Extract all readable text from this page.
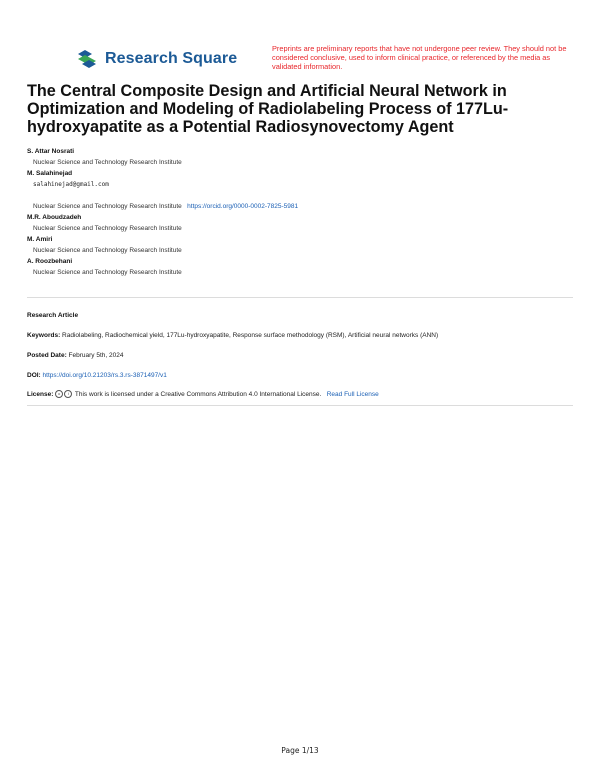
Research Square
Preprints are preliminary reports that have not undergone peer review. They should not be considered conclusive, used to inform clinical practice, or referenced by the media as validated information.
The Central Composite Design and Artificial Neural Network in Optimization and Modeling of Radiolabeling Process of 177Lu-hydroxyapatite as a Potential Radiosynovectomy Agent
S. Attar Nosrati
Nuclear Science and Technology Research Institute
M. Salahinejad
salahinejad@gmail.com
Nuclear Science and Technology Research Institute https://orcid.org/0000-0002-7825-5981
M.R. Aboudzadeh
Nuclear Science and Technology Research Institute
M. Amiri
Nuclear Science and Technology Research Institute
A. Roozbehani
Nuclear Science and Technology Research Institute
Research Article
Keywords: Radiolabeling, Radiochemical yield, 177Lu-hydroxyapatite, Response surface methodology (RSM), Artificial neural networks (ANN)
Posted Date: February 5th, 2024
DOI: https://doi.org/10.21203/rs.3.rs-3871497/v1
License: c i This work is licensed under a Creative Commons Attribution 4.0 International License. Read Full License
Page 1/13
